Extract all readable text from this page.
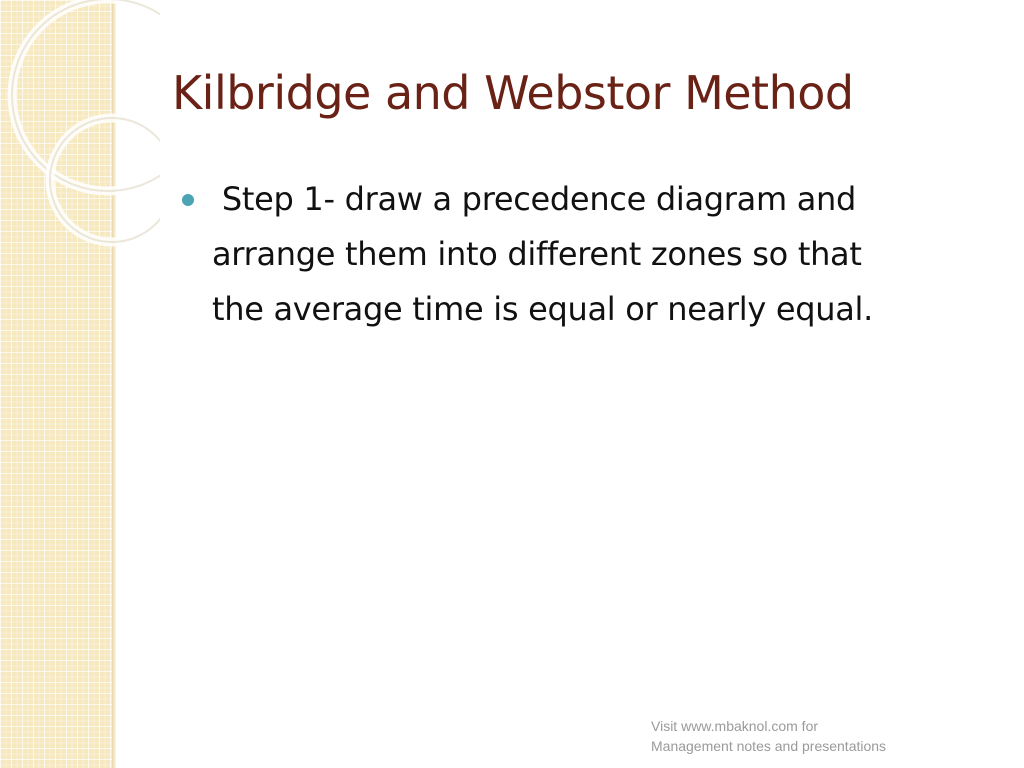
Kilbridge and Webstor Method
Step 1- draw a precedence diagram and
arrange them into different zones so that
the average time is equal or nearly equal.
Visit www.mbaknol.com for
Management notes and presentations
